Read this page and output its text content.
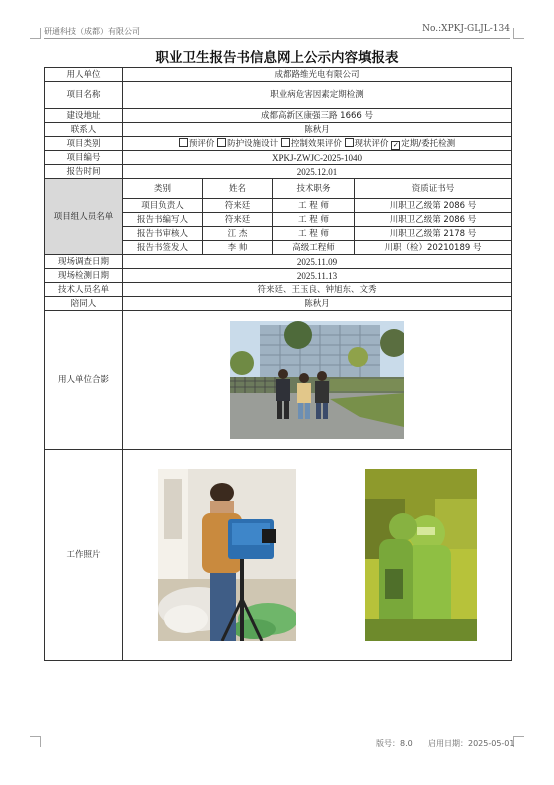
研通科技（成都）有限公司	No.:XPKJ-GLJL-134
职业卫生报告书信息网上公示内容填报表
用人单位	成都路维光电有限公司			
项目名称	职业病危害因素定期检测			
建设地址	成都高新区康强三路 1666 号			
联系人	陈秋月			
项目类别	预评价 防护设施设计 控制效果评价 现状评价 ✓ 定期/委托检测			
项目编号	XPKJ-ZWJC-2025-1040			
报告时间	2025.12.01			
项目组人员名单	类别	姓名	技术职务	资质证书号
	项目负责人	符来廷	工 程 师	川职卫乙级第 2086 号
	报告书编写人	符来廷	工 程 师	川职卫乙级第 2086 号
	报告书审核人	江 杰	工 程 师	川职卫乙级第 2178 号
	报告书签发人	李 帅	高级工程师	川职（检）20210189 号
现场调查日期	2025.11.09			
现场检测日期	2025.11.13			
技术人员名单	符来廷、王玉良、钟旭东、文秀			
陪同人	陈秋月			
用人单位合影	

工作照片	
版号：8.0 启用日期：2025-05-01
